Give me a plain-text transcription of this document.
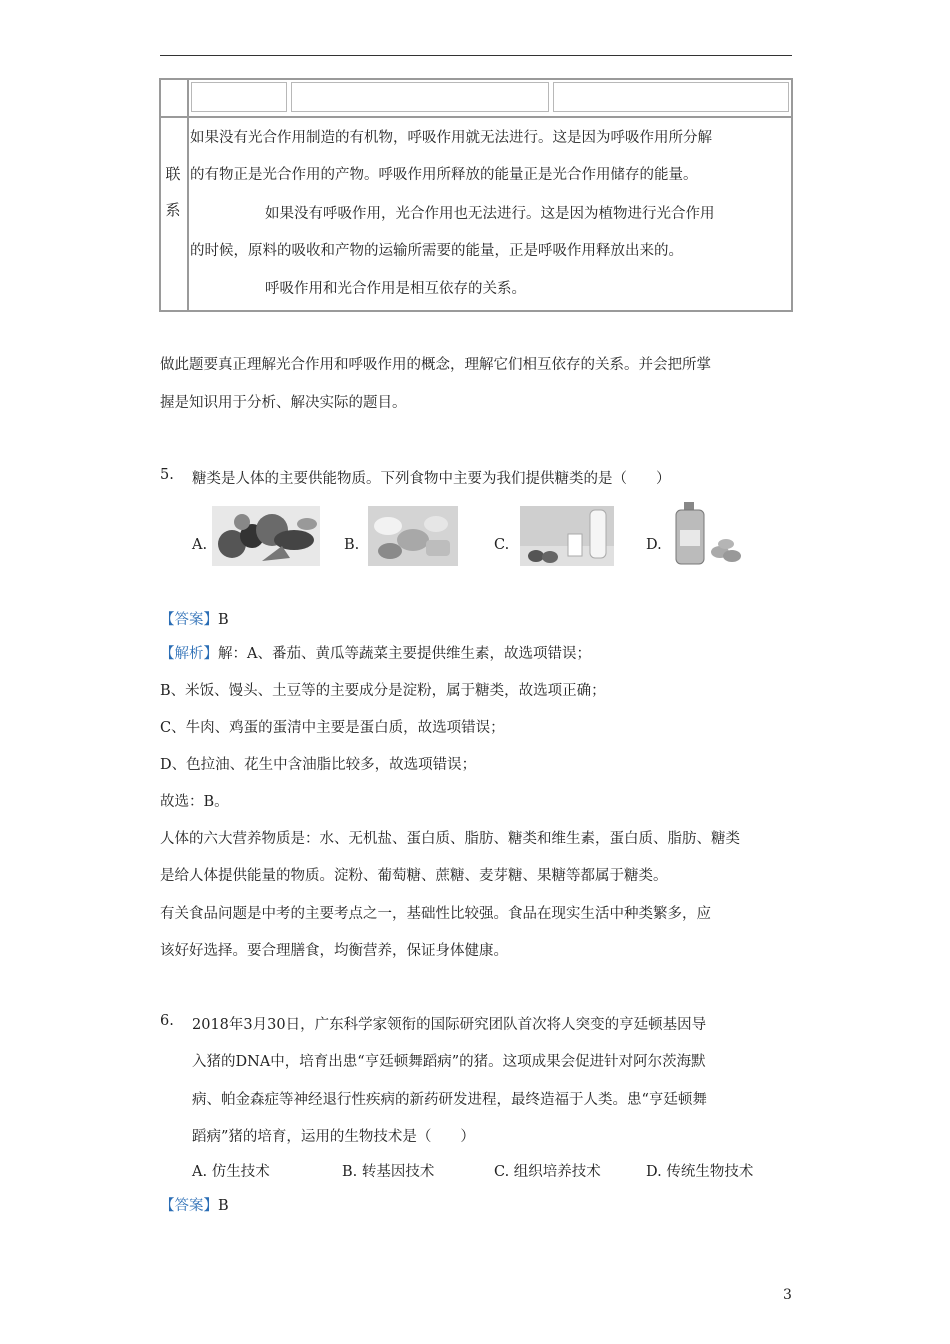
联
系
如果没有光合作用制造的有机物，呼吸作用就无法进行。这是因为呼吸作用所分解
的有物正是光合作用的产物。呼吸作用所释放的能量正是光合作用储存的能量。
如果没有呼吸作用，光合作用也无法进行。这是因为植物进行光合作用
的时候，原料的吸收和产物的运输所需要的能量，正是呼吸作用释放出来的。
呼吸作用和光合作用是相互依存的关系。
做此题要真正理解光合作用和呼吸作用的概念，理解它们相互依存的关系。并会把所掌
握是知识用于分析、解决实际的题目。
5. 糖类是人体的主要供能物质。下列食物中主要为我们提供糖类的是（　　）
A.	B.	C.	D.
【答案】B
【解析】解：A、番茄、黄瓜等蔬菜主要提供维生素，故选项错误；
B、米饭、馒头、土豆等的主要成分是淀粉，属于糖类，故选项正确；
C、牛肉、鸡蛋的蛋清中主要是蛋白质，故选项错误；
D、色拉油、花生中含油脂比较多，故选项错误；
故选：B。
人体的六大营养物质是：水、无机盐、蛋白质、脂肪、糖类和维生素，蛋白质、脂肪、糖类
是给人体提供能量的物质。淀粉、葡萄糖、蔗糖、麦芽糖、果糖等都属于糖类。
有关食品问题是中考的主要考点之一，基础性比较强。食品在现实生活中种类繁多，应
该好好选择。要合理膳食，均衡营养，保证身体健康。
6. 2018年3月30日，广东科学家领衔的国际研究团队首次将人突变的亨廷顿基因导
入猪的DNA中，培育出患“亨廷顿舞蹈病”的猪。这项成果会促进针对阿尔茨海默
病、帕金森症等神经退行性疾病的新药研发进程，最终造福于人类。患“亨廷顿舞
蹈病”猪的培育，运用的生物技术是（　　）
A. 仿生技术	B. 转基因技术	C. 组织培养技术	D. 传统生物技术
【答案】B
3
